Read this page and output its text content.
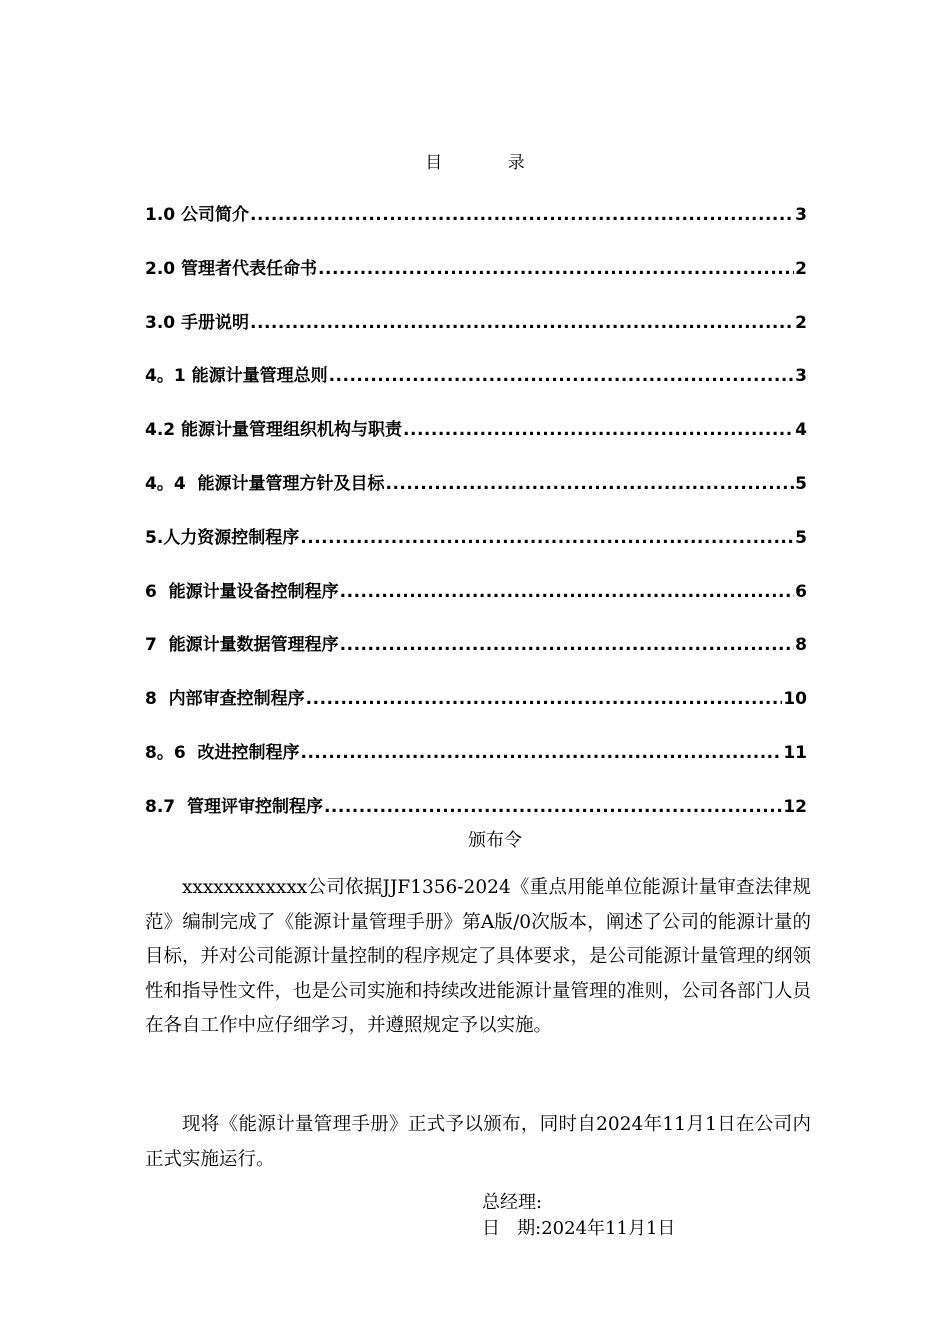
目 录
1.0 公司简介 .....	3
2.0 管理者代表任命书 .....	2
3.0 手册说明 .....	2
4。1 能源计量管理总则 .....	3
4.2 能源计量管理组织机构与职责 .....	4
4。4  能源计量管理方针及目标 .....	5
5.人力资源控制程序 .....	5
6  能源计量设备控制程序 .....	6
7  能源计量数据管理程序 .....	8
8  内部审查控制程序 .....	10
8。6  改进控制程序 .....	11
8.7  管理评审控制程序 .....	12
颁布令
xxxxxxxxxxxx公司依据JJF1356-2024《重点用能单位能源计量审查法律规范》编制完成了《能源计量管理手册》第A版/0次版本，阐述了公司的能源计量的目标，并对公司能源计量控制的程序规定了具体要求，是公司能源计量管理的纲领性和指导性文件，也是公司实施和持续改进能源计量管理的准则，公司各部门人员在各自工作中应仔细学习，并遵照规定予以实施。
现将《能源计量管理手册》正式予以颁布，同时自2024年11月1日在公司内正式实施运行。
总经理:
日   期:2024年11月1日
